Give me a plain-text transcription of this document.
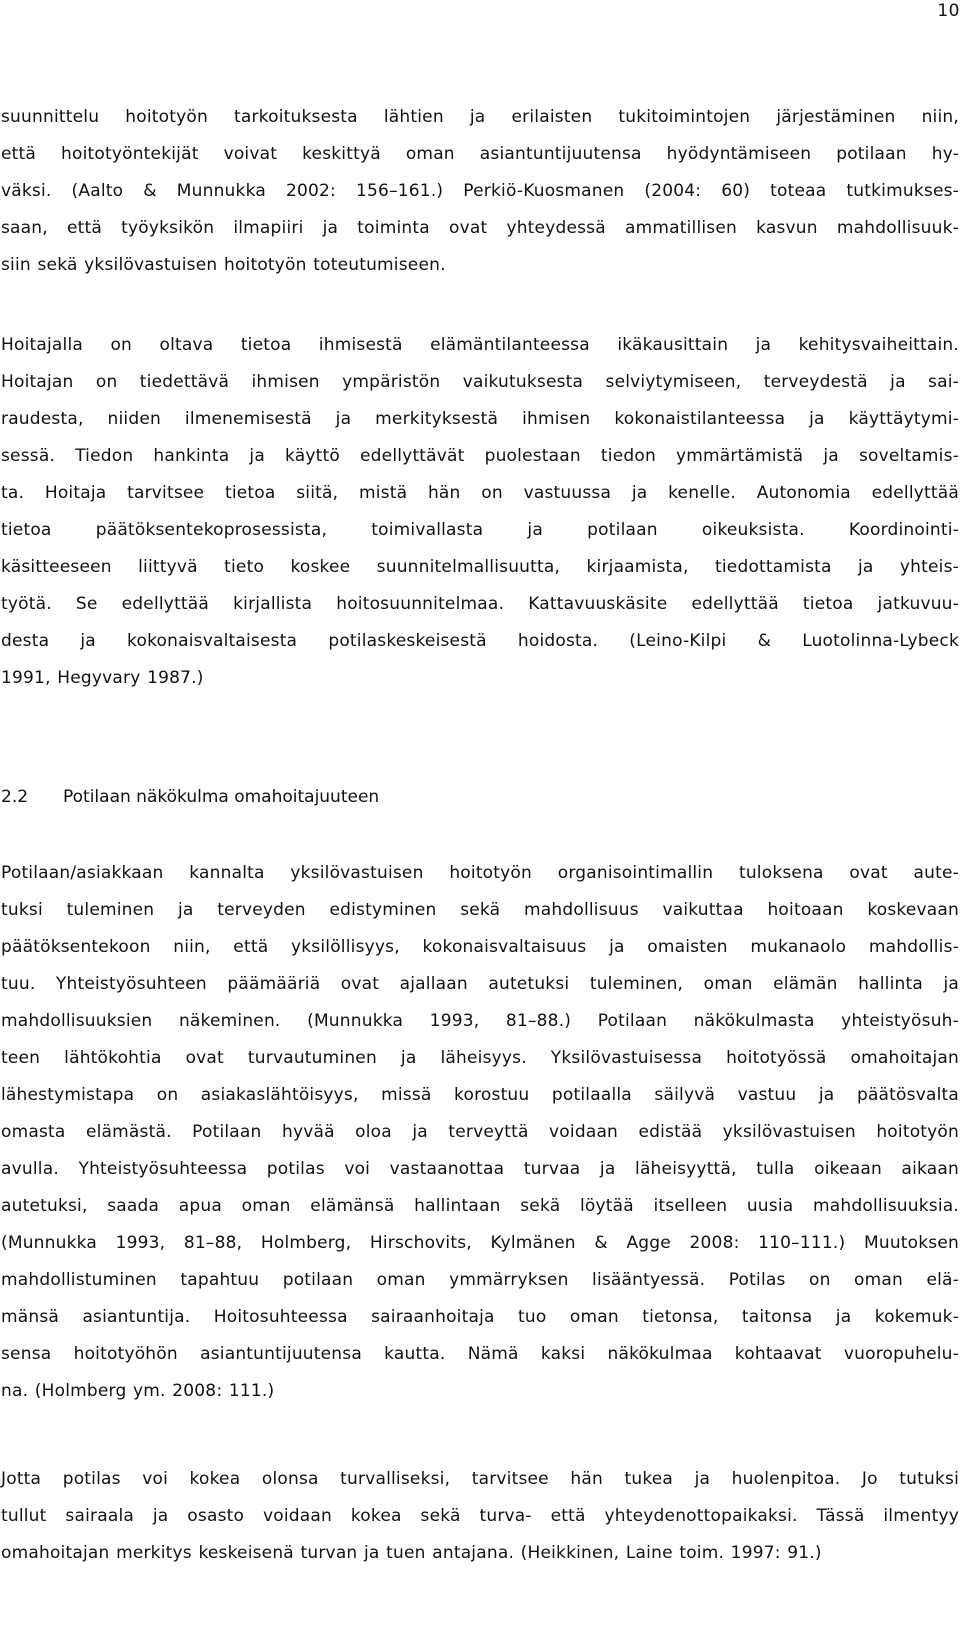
10
suunnittelu hoitotyön tarkoituksesta lähtien ja erilaisten tukitoimintojen järjestäminen niin,
että hoitotyöntekijät voivat keskittyä oman asiantuntijuutensa hyödyntämiseen potilaan hy-
väksi. (Aalto & Munnukka 2002: 156–161.) Perkiö-Kuosmanen (2004: 60) toteaa tutkimukses-
saan, että työyksikön ilmapiiri ja toiminta ovat yhteydessä ammatillisen kasvun mahdollisuuk-
siin sekä yksilövastuisen hoitotyön toteutumiseen.
Hoitajalla on oltava tietoa ihmisestä elämäntilanteessa ikäkausittain ja kehitysvaiheittain.
Hoitajan on tiedettävä ihmisen ympäristön vaikutuksesta selviytymiseen, terveydestä ja sai-
raudesta, niiden ilmenemisestä ja merkityksestä ihmisen kokonaistilanteessa ja käyttäytymi-
sessä. Tiedon hankinta ja käyttö edellyttävät puolestaan tiedon ymmärtämistä ja soveltamis-
ta. Hoitaja tarvitsee tietoa siitä, mistä hän on vastuussa ja kenelle. Autonomia edellyttää
tietoa päätöksentekoprosessista, toimivallasta ja potilaan oikeuksista. Koordinointi-
käsitteeseen liittyvä tieto koskee suunnitelmallisuutta, kirjaamista, tiedottamista ja yhteis-
työtä. Se edellyttää kirjallista hoitosuunnitelmaa. Kattavuuskäsite edellyttää tietoa jatkuvuu-
desta ja kokonaisvaltaisesta potilaskeskeisestä hoidosta. (Leino-Kilpi & Luotolinna-Lybeck
1991, Hegyvary 1987.)
2.2 Potilaan näkökulma omahoitajuuteen
Potilaan/asiakkaan kannalta yksilövastuisen hoitotyön organisointimallin tuloksena ovat aute-
tuksi tuleminen ja terveyden edistyminen sekä mahdollisuus vaikuttaa hoitoaan koskevaan
päätöksentekoon niin, että yksilöllisyys, kokonaisvaltaisuus ja omaisten mukanaolo mahdollis-
tuu. Yhteistyösuhteen päämääriä ovat ajallaan autetuksi tuleminen, oman elämän hallinta ja
mahdollisuuksien näkeminen. (Munnukka 1993, 81–88.) Potilaan näkökulmasta yhteistyösuh-
teen lähtökohtia ovat turvautuminen ja läheisyys. Yksilövastuisessa hoitotyössä omahoitajan
lähestymistapa on asiakaslähtöisyys, missä korostuu potilaalla säilyvä vastuu ja päätösvalta
omasta elämästä. Potilaan hyvää oloa ja terveyttä voidaan edistää yksilövastuisen hoitotyön
avulla. Yhteistyösuhteessa potilas voi vastaanottaa turvaa ja läheisyyttä, tulla oikeaan aikaan
autetuksi, saada apua oman elämänsä hallintaan sekä löytää itselleen uusia mahdollisuuksia.
(Munnukka 1993, 81–88, Holmberg, Hirschovits, Kylmänen & Agge 2008: 110–111.) Muutoksen
mahdollistuminen tapahtuu potilaan oman ymmärryksen lisääntyessä. Potilas on oman elä-
mänsä asiantuntija. Hoitosuhteessa sairaanhoitaja tuo oman tietonsa, taitonsa ja kokemuk-
sensa hoitotyöhön asiantuntijuutensa kautta. Nämä kaksi näkökulmaa kohtaavat vuoropuhelu-
na. (Holmberg ym. 2008: 111.)
Jotta potilas voi kokea olonsa turvalliseksi, tarvitsee hän tukea ja huolenpitoa. Jo tutuksi
tullut sairaala ja osasto voidaan kokea sekä turva- että yhteydenottopaikaksi. Tässä ilmentyy
omahoitajan merkitys keskeisenä turvan ja tuen antajana. (Heikkinen, Laine toim. 1997: 91.)
